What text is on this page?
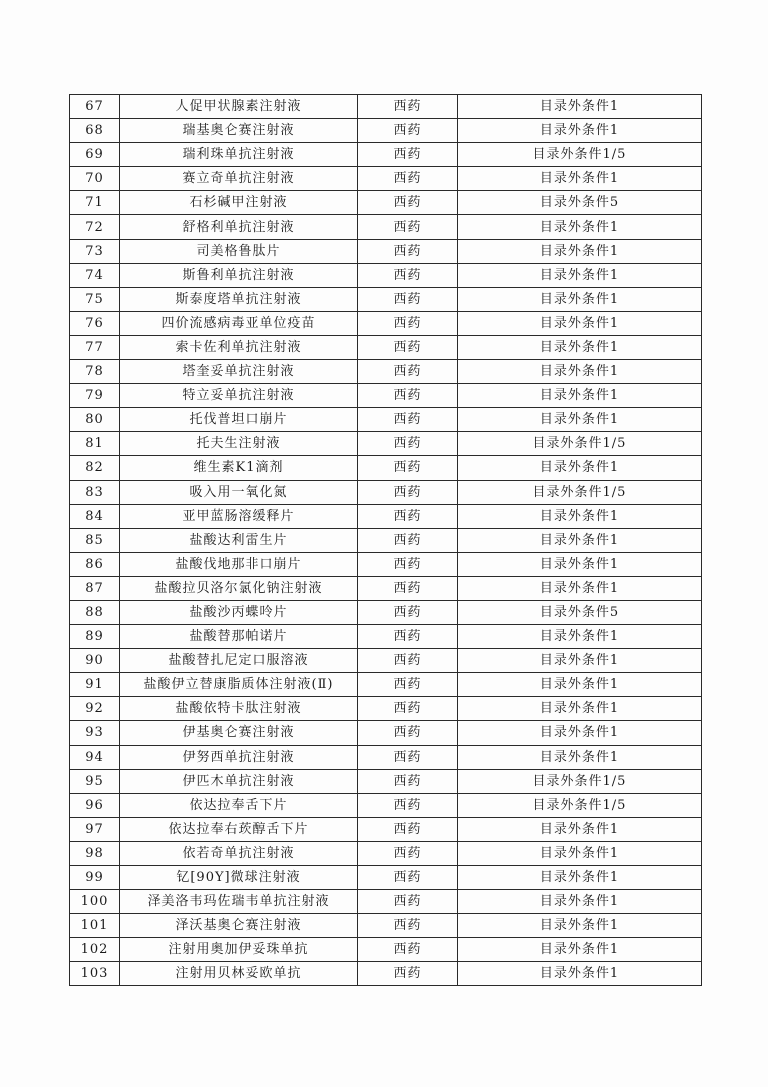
67	人促甲状腺素注射液	西药	目录外条件1
68	瑞基奥仑赛注射液	西药	目录外条件1
69	瑞利珠单抗注射液	西药	目录外条件1/5
70	赛立奇单抗注射液	西药	目录外条件1
71	石杉碱甲注射液	西药	目录外条件5
72	舒格利单抗注射液	西药	目录外条件1
73	司美格鲁肽片	西药	目录外条件1
74	斯鲁利单抗注射液	西药	目录外条件1
75	斯泰度塔单抗注射液	西药	目录外条件1
76	四价流感病毒亚单位疫苗	西药	目录外条件1
77	索卡佐利单抗注射液	西药	目录外条件1
78	塔奎妥单抗注射液	西药	目录外条件1
79	特立妥单抗注射液	西药	目录外条件1
80	托伐普坦口崩片	西药	目录外条件1
81	托夫生注射液	西药	目录外条件1/5
82	维生素K1滴剂	西药	目录外条件1
83	吸入用一氧化氮	西药	目录外条件1/5
84	亚甲蓝肠溶缓释片	西药	目录外条件1
85	盐酸达利雷生片	西药	目录外条件1
86	盐酸伐地那非口崩片	西药	目录外条件1
87	盐酸拉贝洛尔氯化钠注射液	西药	目录外条件1
88	盐酸沙丙蝶呤片	西药	目录外条件5
89	盐酸替那帕诺片	西药	目录外条件1
90	盐酸替扎尼定口服溶液	西药	目录外条件1
91	盐酸伊立替康脂质体注射液(Ⅱ)	西药	目录外条件1
92	盐酸依特卡肽注射液	西药	目录外条件1
93	伊基奥仑赛注射液	西药	目录外条件1
94	伊努西单抗注射液	西药	目录外条件1
95	伊匹木单抗注射液	西药	目录外条件1/5
96	依达拉奉舌下片	西药	目录外条件1/5
97	依达拉奉右莰醇舌下片	西药	目录外条件1
98	依若奇单抗注射液	西药	目录外条件1
99	钇[90Y]微球注射液	西药	目录外条件1
100	泽美洛韦玛佐瑞韦单抗注射液	西药	目录外条件1
101	泽沃基奥仑赛注射液	西药	目录外条件1
102	注射用奥加伊妥珠单抗	西药	目录外条件1
103	注射用贝林妥欧单抗	西药	目录外条件1
